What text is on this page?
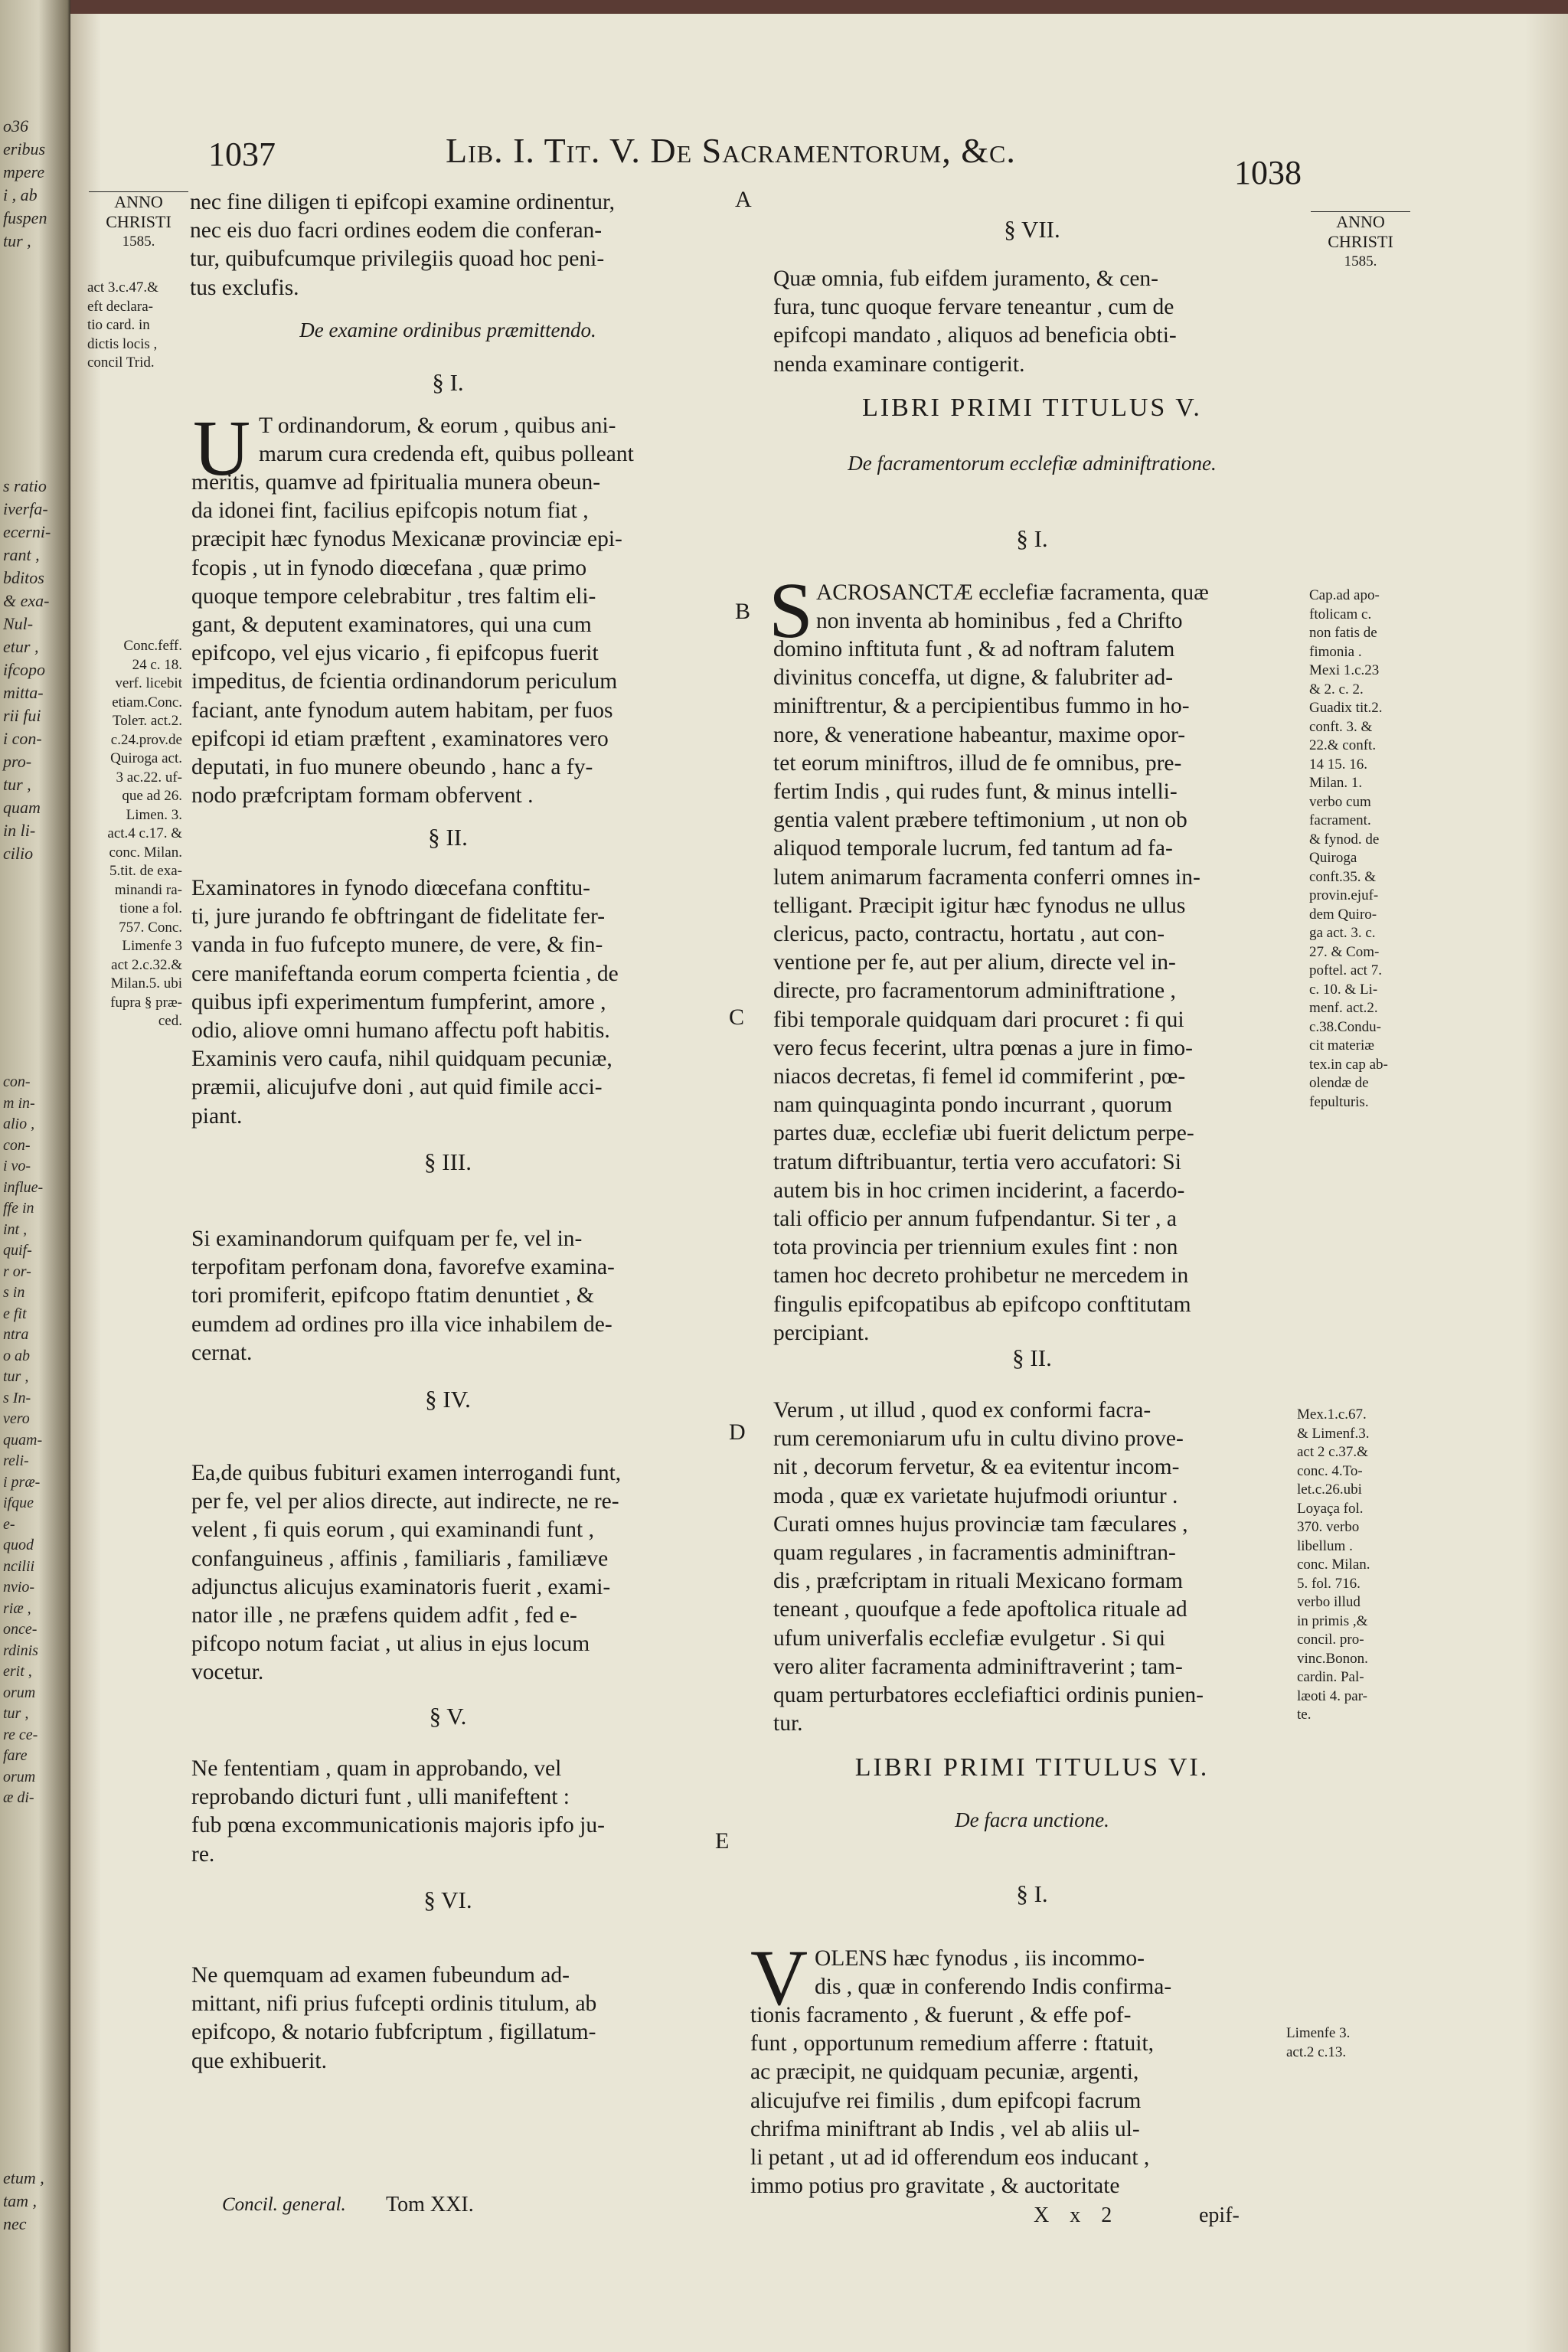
o36
eribus
mpere
i , ab
fuspen
tur ,
s ratio
iverfa-
ecerni-
rant ,
bditos
& exa-
Nul-
etur ,
ifcopo
mitta-
rii fui
i con-
pro-
tur ,
quam
in li-
cilio
con-
m in-
alio ,
con-
i vo-
influe-
ffe in
int ,
quif-
r or-
s in
e fit
ntra
o ab
tur ,
s In-
vero
quam-
reli-
i præ-
ifque
e-
quod
ncilii
nvio-
riæ ,
once-
rdinis
erit ,
orum
tur ,
re ce-
fare
orum
æ di-
etum ,
tam ,
nec
1037	Lib. I. Tit. V. De Sacramentorum, &c.
1038
ANNO
CHRISTI
1585.
ANNO
CHRISTI
1585.
nec fine diligen ti epifcopi examine ordinentur,
nec eis duo facri ordines eodem die conferan-
tur, quibufcumque privilegiis quoad hoc peni-
tus exclufis.
act 3.c.47.&
eft declara-
tio card. in
dictis locis ,
concil Trid.
De examine ordinibus præmittendo.
§ I.
U T ordinandorum, & eorum , quibus ani-
marum cura credenda eft, quibus polleant
meritis, quamve ad fpiritualia munera obeun-
da idonei fint, facilius epifcopis notum fiat ,
præcipit hæc fynodus Mexicanæ provinciæ epi-
fcopis , ut in fynodo diœcefana , quæ primo
quoque tempore celebrabitur , tres faltim eli-
gant, & deputent examinatores, qui una cum
epifcopo, vel ejus vicario , fi epifcopus fuerit
impeditus, de fcientia ordinandorum periculum
faciant, ante fynodum autem habitam, per fuos
epifcopi id etiam præftent , examinatores vero
deputati, in fuo munere obeundo , hanc a fy-
nodo præfcriptam formam obfervent .
Conc.feff.
24 c. 18.
verf. licebit
etiam.Conc.
Toleт. act.2.
c.24.prov.de
Quiroga act.
3 ac.22. uf-
que ad 26.
Limen. 3.
act.4 c.17. &
conc. Milan.
5.tit. de exa-
minandi ra-
tione a fol.
757. Conc.
Limenfe 3
act 2.c.32.&
Milan.5. ubi
fupra § præ-
ced.
§ II.
Examinatores in fynodo diœcefana conftitu-
ti, jure jurando fe obftringant de fidelitate fer-
vanda in fuo fufcepto munere, de vere, & fin-
cere manifeftanda eorum comperta fcientia , de
quibus ipfi experimentum fumpferint, amore ,
odio, aliove omni humano affectu poft habitis.
Examinis vero caufa, nihil quidquam pecuniæ,
præmii, alicujufve doni , aut quid fimile acci-
piant.
§ III.
Si examinandorum quifquam per fe, vel in-
terpofitam perfonam dona, favorefve examina-
tori promiferit, epifcopo ftatim denuntiet , &
eumdem ad ordines pro illa vice inhabilem de-
cernat.
§ IV.
Ea,de quibus fubituri examen interrogandi funt,
per fe, vel per alios directe, aut indirecte, ne re-
velent , fi quis eorum , qui examinandi funt ,
confanguineus , affinis , familiaris , familiæve
adjunctus alicujus examinatoris fuerit , exami-
nator ille , ne præfens quidem adfit , fed e-
pifcopo notum faciat , ut alius in ejus locum
vocetur.
§ V.
Ne fententiam , quam in approbando, vel
reprobando dicturi funt , ulli manifeftent :
fub pœna excommunicationis majoris ipfo ju-
re.
§ VI.
Ne quemquam ad examen fubeundum ad-
mittant, nifi prius fufcepti ordinis titulum, ab
epifcopo, & notario fubfcriptum , figillatum-
que exhibuerit.
A
B
C
D
E
§ VII.
Quæ omnia, fub eifdem juramento, & cen-
fura, tunc quoque fervare teneantur , cum de
epifcopi mandato , aliquos ad beneficia obti-
nenda examinare contigerit.
LIBRI PRIMI TITULUS V.
De facramentorum ecclefiæ adminiftratione.
§ I.
S ACROSANCTÆ ecclefiæ facramenta, quæ
non inventa ab hominibus , fed a Chrifto
domino inftituta funt , & ad noftram falutem
divinitus conceffa, ut digne, & falubriter ad-
miniftrentur, & a percipientibus fummo in ho-
nore, & veneratione habeantur, maxime opor-
tet eorum miniftros, illud de fe omnibus, pre-
fertim Indis , qui rudes funt, & minus intelli-
gentia valent præbere teftimonium , ut non ob
aliquod temporale lucrum, fed tantum ad fa-
lutem animarum facramenta conferri omnes in-
telligant. Præcipit igitur hæc fynodus ne ullus
clericus, pacto, contractu, hortatu , aut con-
ventione per fe, aut per alium, directe vel in-
directe, pro facramentorum adminiftratione ,
fibi temporale quidquam dari procuret : fi qui
vero fecus fecerint, ultra pœnas a jure in fimo-
niacos decretas, fi femel id commiferint , pœ-
nam quinquaginta pondo incurrant , quorum
partes duæ, ecclefiæ ubi fuerit delictum perpe-
tratum diftribuantur, tertia vero accufatori: Si
autem bis in hoc crimen inciderint, a facerdo-
tali officio per annum fufpendantur. Si ter , a
tota provincia per triennium exules fint : non
tamen hoc decreto prohibetur ne mercedem in
fingulis epifcopatibus ab epifcopo conftitutam
percipiant.
Cap.ad apo-
ftolicam c.
non fatis de
fimonia .
Mexi 1.c.23
& 2. c. 2.
Guadix tit.2.
conft. 3. &
22.& conft.
14 15. 16.
Milan. 1.
verbo cum
facrament.
& fynod. de
Quiroga
conft.35. &
provin.ejuf-
dem Quiro-
ga act. 3. c.
27. & Com-
poftel. act 7.
c. 10. & Li-
menf. act.2.
c.38.Condu-
cit materiæ
tex.in cap ab-
olendæ de
fepulturis.
§ II.
Verum , ut illud , quod ex conformi facra-
rum ceremoniarum ufu in cultu divino prove-
nit , decorum fervetur, & ea evitentur incom-
moda , quæ ex varietate hujufmodi oriuntur .
Curati omnes hujus provinciæ tam fæculares ,
quam regulares , in facramentis adminiftran-
dis , præfcriptam in rituali Mexicano formam
teneant , quoufque a fede apoftolica rituale ad
ufum univerfalis ecclefiæ evulgetur . Si qui
vero aliter facramenta adminiftraverint ; tam-
quam perturbatores ecclefiaftici ordinis punien-
tur.
Mex.1.c.67.
& Limenf.3.
act 2 c.37.&
conc. 4.To-
let.c.26.ubi
Loyaça fol.
370. verbo
libellum .
conc. Milan.
5. fol. 716.
verbo illud
in primis ,&
concil. pro-
vinc.Bonon.
cardin. Pal-
læoti 4. par-
te.
LIBRI PRIMI TITULUS VI.
De facra unctione.
§ I.
V OLENS hæc fynodus , iis incommo-
dis , quæ in conferendo Indis confirma-
tionis facramento , & fuerunt , & effe pof-
funt , opportunum remedium afferre : ftatuit,
ac præcipit, ne quidquam pecuniæ, argenti,
alicujufve rei fimilis , dum epifcopi facrum
chrifma miniftrant ab Indis , vel ab aliis ul-
li petant , ut ad id offerendum eos inducant ,
immo potius pro gravitate , & auctoritate
Limenfe 3.
act.2 c.13.
Concil. general. Tom XXI.	X x 2	epif-
